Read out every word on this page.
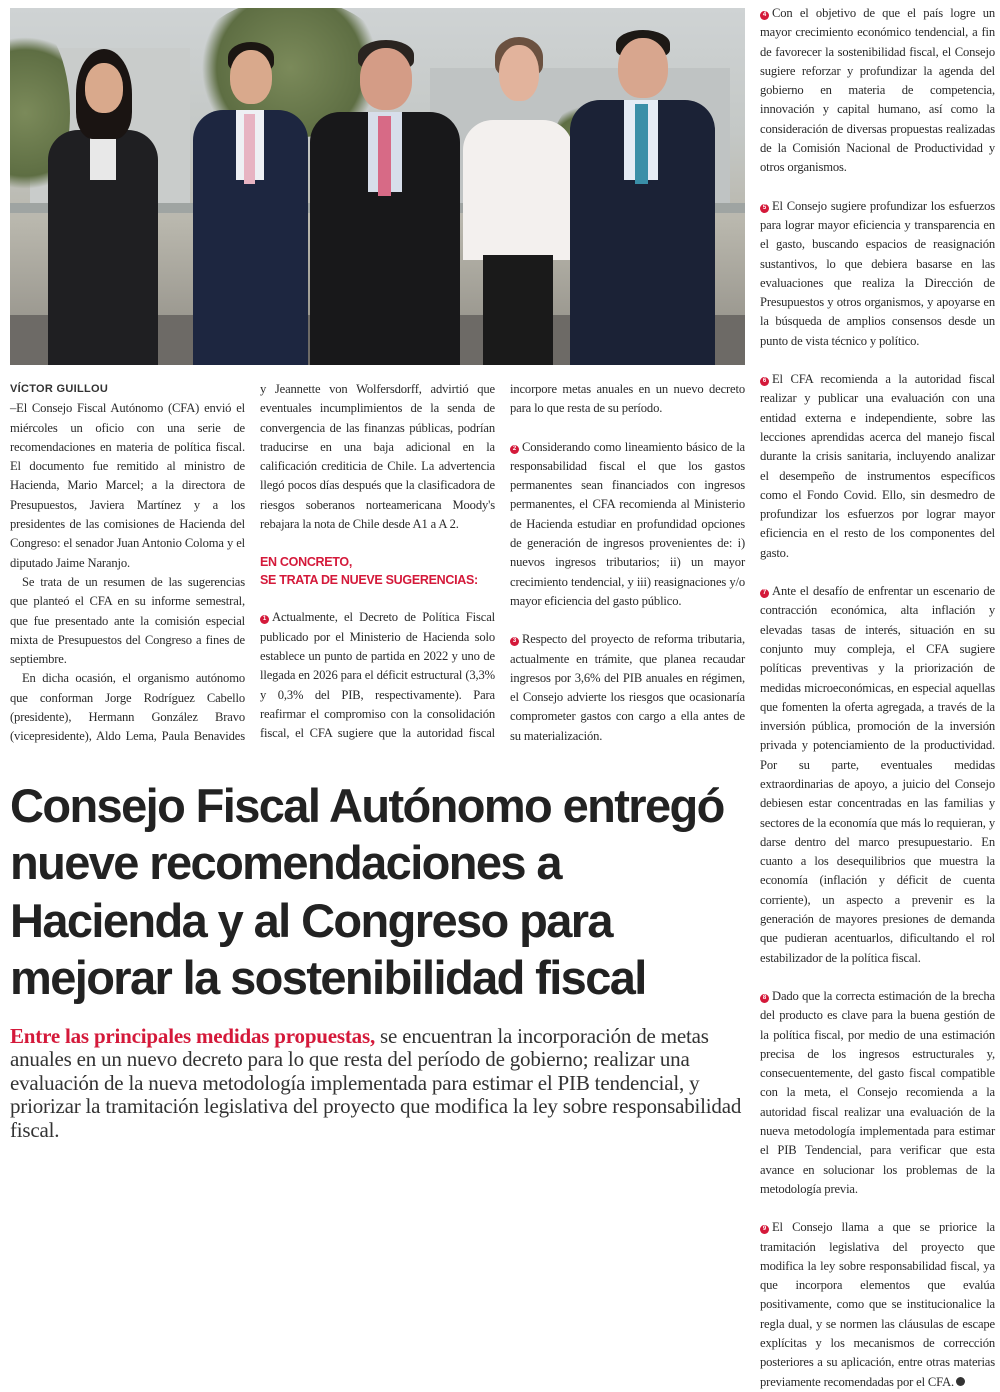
VÍCTOR GUILLOU

–El Consejo Fiscal Autónomo (CFA) envió el miércoles un oficio con una serie de recomendaciones en materia de política fiscal. El documento fue remitido al ministro de Hacienda, Mario Marcel; a la directora de Presupuestos, Javiera Martínez y a los presidentes de las comisiones de Hacienda del Congreso: el senador Juan Antonio Coloma y el diputado Jaime Naranjo.

Se trata de un resumen de las sugerencias que planteó el CFA en su informe semestral, que fue presentado ante la comisión especial mixta de Presupuestos del Congreso a fines de septiembre.

En dicha ocasión, el organismo autónomo que conforman Jorge Rodríguez Cabello (presidente), Hermann González Bravo (vicepresidente), Aldo Lema, Paula Benavides y Jeannette von Wolfersdorff, advirtió que eventuales incumplimientos de la senda de convergencia de las finanzas públicas, podrían traducirse en una baja adicional en la calificación crediticia de Chile. La advertencia llegó pocos días después que la clasificadora de riesgos soberanos norteamericana Moody's rebajara la nota de Chile desde A1 a A 2.

EN CONCRETO,
SE TRATA DE NUEVE SUGERENCIAS:

1 Actualmente, el Decreto de Política Fiscal publicado por el Ministerio de Hacienda solo establece un punto de partida en 2022 y uno de llegada en 2026 para el déficit estructural (3,3% y 0,3% del PIB, respectivamente). Para reafirmar el compromiso con la consolidación fiscal, el CFA sugiere que la autoridad fiscal incorpore metas anuales en un nuevo decreto para lo que resta de su período.

2 Considerando como lineamiento básico de la responsabilidad fiscal el que los gastos permanentes sean financiados con ingresos permanentes, el CFA recomienda al Ministerio de Hacienda estudiar en profundidad opciones de generación de ingresos provenientes de: i) nuevos ingresos tributarios; ii) un mayor crecimiento tendencial, y iii) reasignaciones y/o mayor eficiencia del gasto público.

3 Respecto del proyecto de reforma tributaria, actualmente en trámite, que planea recaudar ingresos por 3,6% del PIB anuales en régimen, el Consejo advierte los riesgos que ocasionaría comprometer gastos con cargo a ella antes de su materialización.

Consejo Fiscal Autónomo entregó nueve recomendaciones a Hacienda y al Congreso para mejorar la sostenibilidad fiscal

Entre las principales medidas propuestas, se encuentran la incorporación de metas anuales en un nuevo decreto para lo que resta del período de gobierno; realizar una evaluación de la nueva metodología implementada para estimar el PIB tendencial, y priorizar la tramitación legislativa del proyecto que modifica la ley sobre responsabilidad fiscal.

4 Con el objetivo de que el país logre un mayor crecimiento económico tendencial, a fin de favorecer la sostenibilidad fiscal, el Consejo sugiere reforzar y profundizar la agenda del gobierno en materia de competencia, innovación y capital humano, así como la consideración de diversas propuestas realizadas de la Comisión Nacional de Productividad y otros organismos.

5 El Consejo sugiere profundizar los esfuerzos para lograr mayor eficiencia y transparencia en el gasto, buscando espacios de reasignación sustantivos, lo que debiera basarse en las evaluaciones que realiza la Dirección de Presupuestos y otros organismos, y apoyarse en la búsqueda de amplios consensos desde un punto de vista técnico y político.

6 El CFA recomienda a la autoridad fiscal realizar y publicar una evaluación con una entidad externa e independiente, sobre las lecciones aprendidas acerca del manejo fiscal durante la crisis sanitaria, incluyendo analizar el desempeño de instrumentos específicos como el Fondo Covid. Ello, sin desmedro de profundizar los esfuerzos por lograr mayor eficiencia en el resto de los componentes del gasto.

7 Ante el desafío de enfrentar un escenario de contracción económica, alta inflación y elevadas tasas de interés, situación en su conjunto muy compleja, el CFA sugiere políticas preventivas y la priorización de medidas microeconómicas, en especial aquellas que fomenten la oferta agregada, a través de la inversión pública, promoción de la inversión privada y potenciamiento de la productividad. Por su parte, eventuales medidas extraordinarias de apoyo, a juicio del Consejo debiesen estar concentradas en las familias y sectores de la economía que más lo requieran, y darse dentro del marco presupuestario. En cuanto a los desequilibrios que muestra la economía (inflación y déficit de cuenta corriente), un aspecto a prevenir es la generación de mayores presiones de demanda que pudieran acentuarlos, dificultando el rol estabilizador de la política fiscal.

8 Dado que la correcta estimación de la brecha del producto es clave para la buena gestión de la política fiscal, por medio de una estimación precisa de los ingresos estructurales y, consecuentemente, del gasto fiscal compatible con la meta, el Consejo recomienda a la autoridad fiscal realizar una evaluación de la nueva metodología implementada para estimar el PIB Tendencial, para verificar que esta avance en solucionar los problemas de la metodología previa.

9 El Consejo llama a que se priorice la tramitación legislativa del proyecto que modifica la ley sobre responsabilidad fiscal, ya que incorpora elementos que evalúa positivamente, como que se institucionalice la regla dual, y se normen las cláusulas de escape explícitas y los mecanismos de corrección posteriores a su aplicación, entre otras materias previamente recomendadas por el CFA.
